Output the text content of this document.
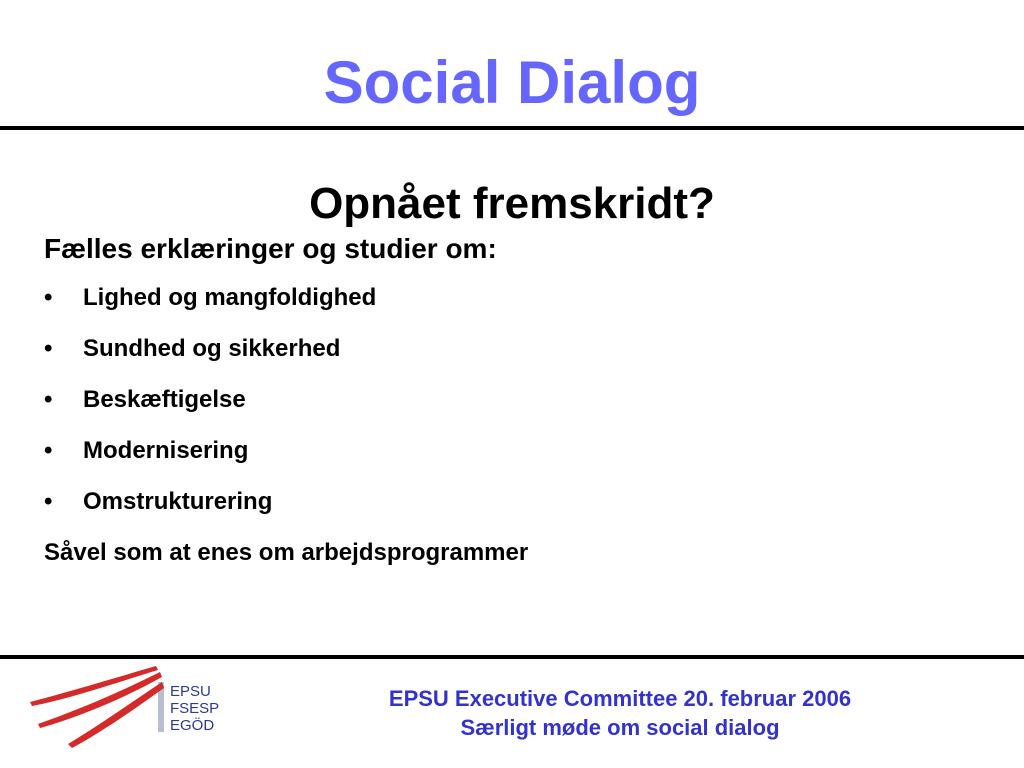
Social Dialog
Opnået fremskridt?

Fælles erklæringer og studier om:

•	Lighed og mangfoldighed
•	Sundhed og sikkerhed
•	Beskæftigelse
•	Modernisering
•	Omstrukturering

Såvel som at enes om arbejdsprogrammer

EPSU
FSESP
EGÖD
EPSU Executive Committee 20. februar 2006
Særligt møde om social dialog
